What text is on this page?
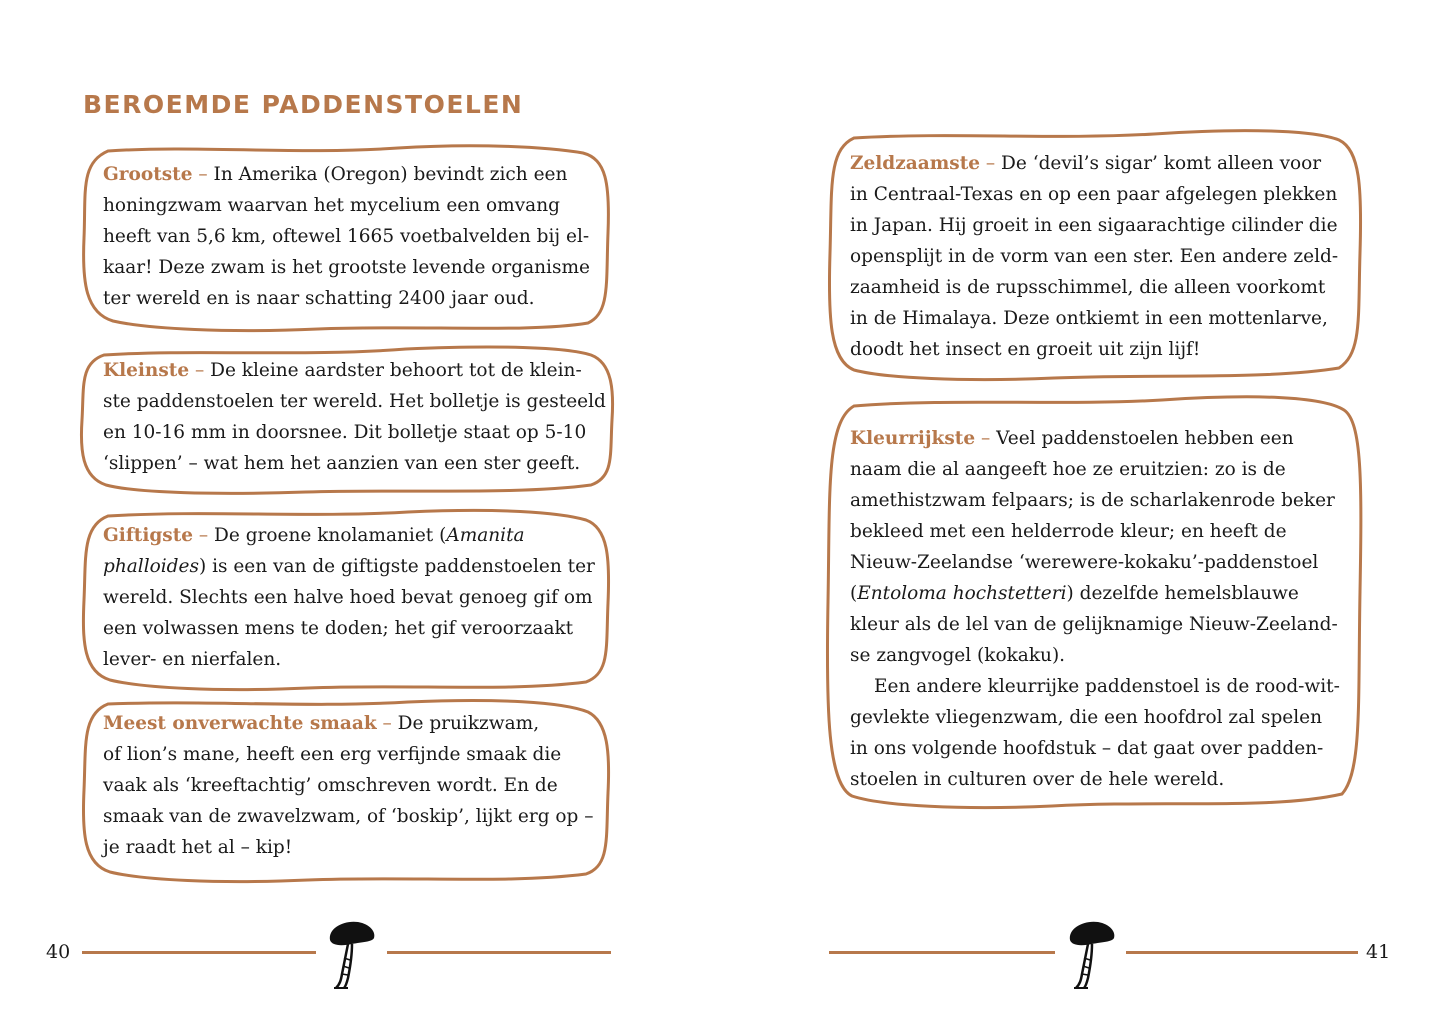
BEROEMDE PADDENSTOELEN

Grootste – In Amerika (Oregon) bevindt zich een
honingzwam waarvan het mycelium een omvang
heeft van 5,6 km, oftewel 1665 voetbalvelden bij el-
kaar! Deze zwam is het grootste levende organisme
ter wereld en is naar schatting 2400 jaar oud.

Kleinste – De kleine aardster behoort tot de klein-
ste paddenstoelen ter wereld. Het bolletje is gesteeld
en 10-16 mm in doorsnee. Dit bolletje staat op 5-10
‘slippen’ – wat hem het aanzien van een ster geeft.

Giftigste – De groene knolamaniet (Amanita
phalloides) is een van de giftigste paddenstoelen ter
wereld. Slechts een halve hoed bevat genoeg gif om
een volwassen mens te doden; het gif veroorzaakt
lever- en nierfalen.

Meest onverwachte smaak – De pruikzwam,
of lion’s mane, heeft een erg verfijnde smaak die
vaak als ‘kreeftachtig’ omschreven wordt. En de
smaak van de zwavelzwam, of ‘boskip’, lijkt erg op –
je raadt het al – kip!

40

Zeldzaamste – De ‘devil’s sigar’ komt alleen voor
in Centraal-Texas en op een paar afgelegen plekken
in Japan. Hij groeit in een sigaarachtige cilinder die
opensplijt in de vorm van een ster. Een andere zeld-
zaamheid is de rupsschimmel, die alleen voorkomt
in de Himalaya. Deze ontkiemt in een mottenlarve,
doodt het insect en groeit uit zijn lijf!

Kleurrijkste – Veel paddenstoelen hebben een
naam die al aangeeft hoe ze eruitzien: zo is de
amethistzwam felpaars; is de scharlakenrode beker
bekleed met een helderrode kleur; en heeft de
Nieuw-Zeelandse ‘werewere-kokaku’-paddenstoel
(Entoloma hochstetteri) dezelfde hemelsblauwe
kleur als de lel van de gelijknamige Nieuw-Zeeland-
se zangvogel (kokaku).
Een andere kleurrijke paddenstoel is de rood-wit-
gevlekte vliegenzwam, die een hoofdrol zal spelen
in ons volgende hoofdstuk – dat gaat over padden-
stoelen in culturen over de hele wereld.

41
